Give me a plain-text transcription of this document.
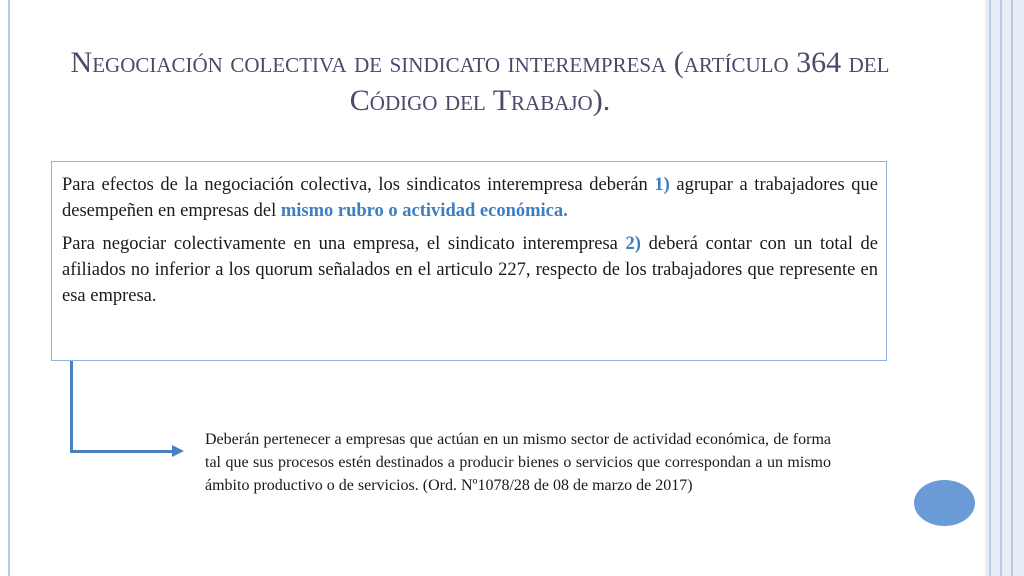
Negociación colectiva de sindicato interempresa (artículo 364 del Código del Trabajo).

Para efectos de la negociación colectiva, los sindicatos interempresa deberán 1) agrupar a trabajadores que desempeñen en empresas del mismo rubro o actividad económica.

Para negociar colectivamente en una empresa, el sindicato interempresa 2) deberá contar con un total de afiliados no inferior a los quorum señalados en el articulo 227, respecto de los trabajadores que represente en esa empresa.

Deberán pertenecer a empresas que actúan en un mismo sector de actividad económica, de forma tal que sus procesos estén destinados a producir bienes o servicios que correspondan a un mismo ámbito productivo o de servicios. (Ord. Nº1078/28 de 08 de marzo de 2017)
